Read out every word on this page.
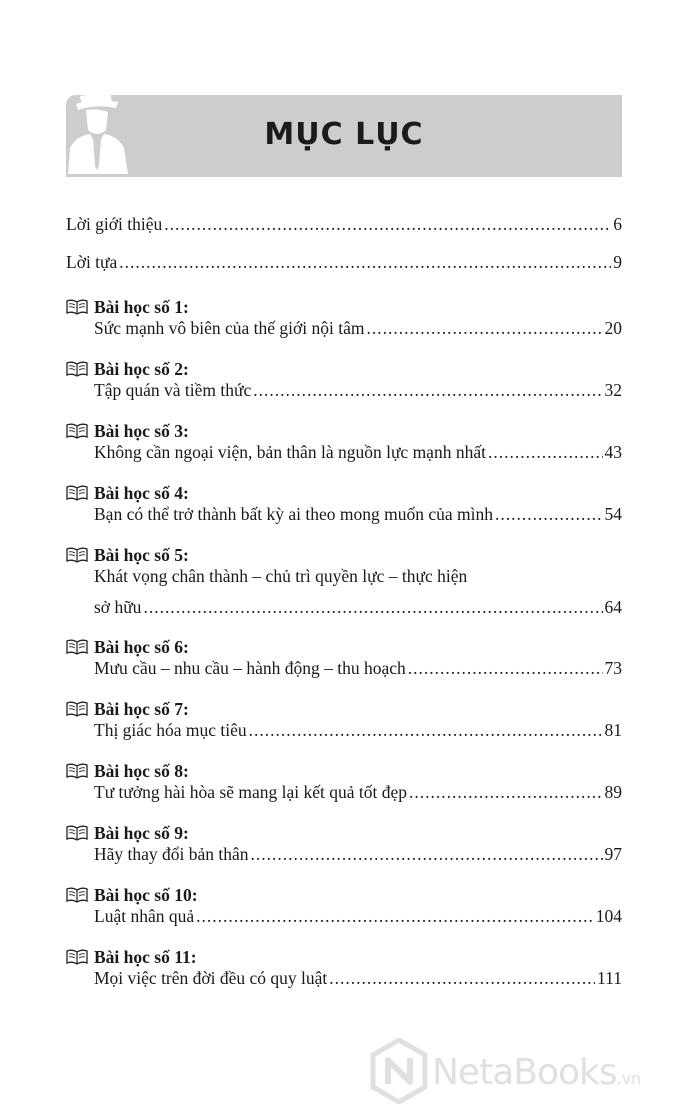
MỤC LỤC
Lời giới thiệu .....	6
Lời tựa .....	9
Bài học số 1:
Sức mạnh vô biên của thế giới nội tâm .....	20
Bài học số 2:
Tập quán và tiềm thức .....	32
Bài học số 3:
Không cần ngoại viện, bản thân là nguồn lực mạnh nhất .....	43
Bài học số 4:
Bạn có thể trở thành bất kỳ ai theo mong muốn của mình .....	54
Bài học số 5:
Khát vọng chân thành – chủ trì quyền lực – thực hiện
sở hữu .....	64
Bài học số 6:
Mưu cầu – nhu cầu – hành động – thu hoạch .....	73
Bài học số 7:
Thị giác hóa mục tiêu .....	81
Bài học số 8:
Tư tưởng hài hòa sẽ mang lại kết quả tốt đẹp .....	89
Bài học số 9:
Hãy thay đổi bản thân .....	97
Bài học số 10:
Luật nhân quả .....	104
Bài học số 11:
Mọi việc trên đời đều có quy luật .....	111
NetaBooks.vn
